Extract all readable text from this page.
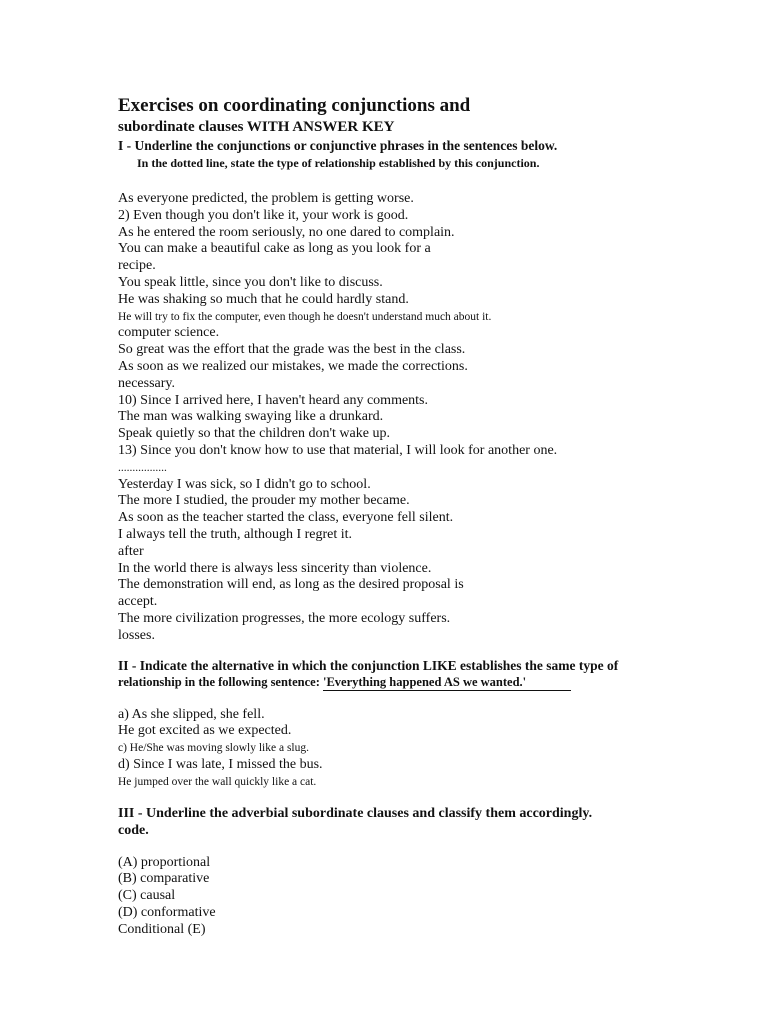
Exercises on coordinating conjunctions and
subordinate clauses WITH ANSWER KEY

I - Underline the conjunctions or conjunctive phrases in the sentences below.

In the dotted line, state the type of relationship established by this conjunction.

As everyone predicted, the problem is getting worse.
2) Even though you don't like it, your work is good.
As he entered the room seriously, no one dared to complain.
You can make a beautiful cake as long as you look for a
recipe.
You speak little, since you don't like to discuss.
He was shaking so much that he could hardly stand.
He will try to fix the computer, even though he doesn't understand much about it.
computer science.
So great was the effort that the grade was the best in the class.
As soon as we realized our mistakes, we made the corrections.
necessary.
10) Since I arrived here, I haven't heard any comments.
The man was walking swaying like a drunkard.
Speak quietly so that the children don't wake up.
13) Since you don't know how to use that material, I will look for another one.
.................
Yesterday I was sick, so I didn't go to school.
The more I studied, the prouder my mother became.
As soon as the teacher started the class, everyone fell silent.
I always tell the truth, although I regret it.
after
In the world there is always less sincerity than violence.
The demonstration will end, as long as the desired proposal is
accept.
The more civilization progresses, the more ecology suffers.
losses.

II - Indicate the alternative in which the conjunction LIKE establishes the same type of

relationship in the following sentence: 'Everything happened AS we wanted.'

a) As she slipped, she fell.
He got excited as we expected.
c) He/She was moving slowly like a slug.
d) Since I was late, I missed the bus.
He jumped over the wall quickly like a cat.

III - Underline the adverbial subordinate clauses and classify them accordingly.

code.

(A) proportional
(B) comparative
(C) causal
(D) conformative
Conditional (E)
